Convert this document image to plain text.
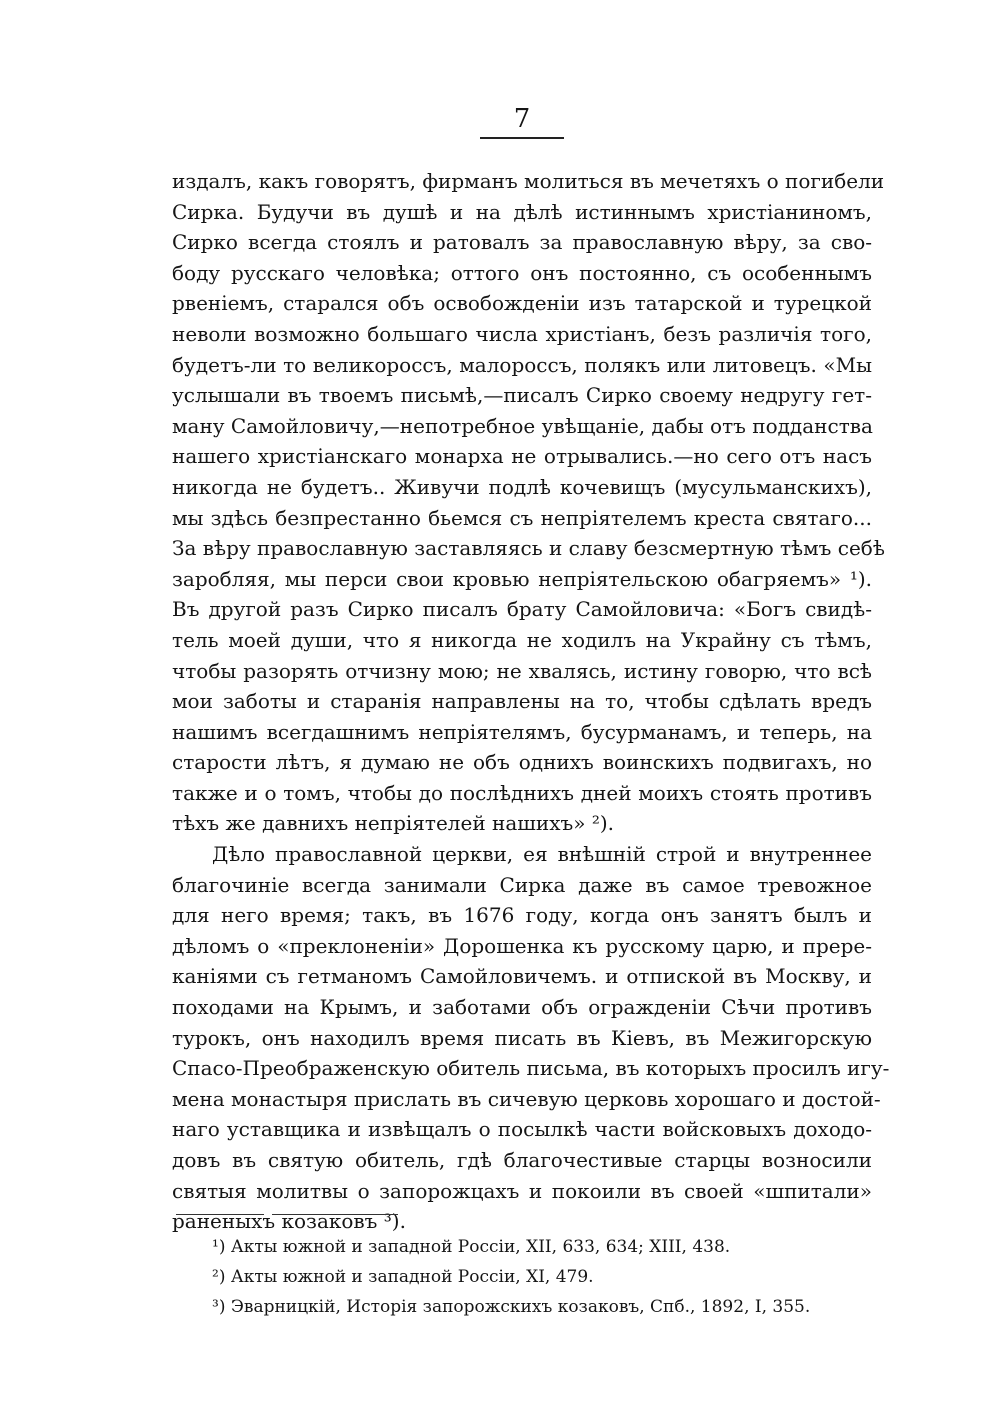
7
издалъ, какъ говорятъ, фирманъ молиться въ мечетяхъ о погибели
Сирка. Будучи въ душѣ и на дѣлѣ истиннымъ христіаниномъ,
Сирко всегда стоялъ и ратовалъ за православную вѣру, за сво-
боду русскаго человѣка; оттого онъ постоянно, съ особеннымъ
рвеніемъ, старался объ освобожденіи изъ татарской и турецкой
неволи возможно большаго числа христіанъ, безъ различія того,
будетъ-ли то великороссъ, малороссъ, полякъ или литовецъ. «Мы
услышали въ твоемъ письмѣ,—писалъ Сирко своему недругу гет-
ману Самойловичу,—непотребное увѣщаніе, дабы отъ подданства
нашего христіанскаго монарха не отрывались.—но сего отъ насъ
никогда не будетъ.. Живучи подлѣ кочевищъ (мусульманскихъ),
мы здѣсь безпрестанно бьемся съ непріятелемъ креста святаго...
За вѣру православную заставляясь и славу безсмертную тѣмъ себѣ
заробляя, мы перси свои кровью непріятельскою обагряемъ» ¹).
Въ другой разъ Сирко писалъ брату Самойловича: «Богъ свидѣ-
тель моей души, что я никогда не ходилъ на Украйну съ тѣмъ,
чтобы разорять отчизну мою; не хваляcь, истину говорю, что всѣ
мои заботы и старанія направлены на то, чтобы сдѣлать вредъ
нашимъ всегдашнимъ непріятелямъ, бусурманамъ, и теперь, на
старости лѣтъ, я думаю не объ однихъ воинскихъ подвигахъ, но
также и о томъ, чтобы до послѣднихъ дней моихъ стоять противъ
тѣхъ же давнихъ непріятелей нашихъ» ²).
Дѣло православной церкви, ея внѣшній строй и внутреннее
благочиніе всегда занимали Сирка даже въ самое тревожное
для него время; такъ, въ 1676 году, когда онъ занятъ былъ и
дѣломъ о «преклоненіи» Дорошенка къ русскому царю, и прере-
каніями съ гетманомъ Самойловичемъ. и отпиской въ Москву, и
походами на Крымъ, и заботами объ огражденіи Сѣчи противъ
турокъ, онъ находилъ время писать въ Кіевъ, въ Межигорскую
Спасо-Преображенскую обитель письма, въ которыхъ просилъ игу-
мена монастыря прислать въ сичевую церковь хорошаго и достой-
наго уставщика и извѣщалъ о посылкѣ части войсковыхъ доходо-
довъ въ святую обитель, гдѣ благочестивые старцы возносили
святыя молитвы о запорожцахъ и покоили въ своей «шпитали»
раненыхъ козаковъ ³).
¹) Акты южной и западной Россіи, XII, 633, 634; XIII, 438.
²) Акты южной и западной Россіи, XI, 479.
³) Эварницкій, Исторія запорожскихъ козаковъ, Спб., 1892, I, 355.
